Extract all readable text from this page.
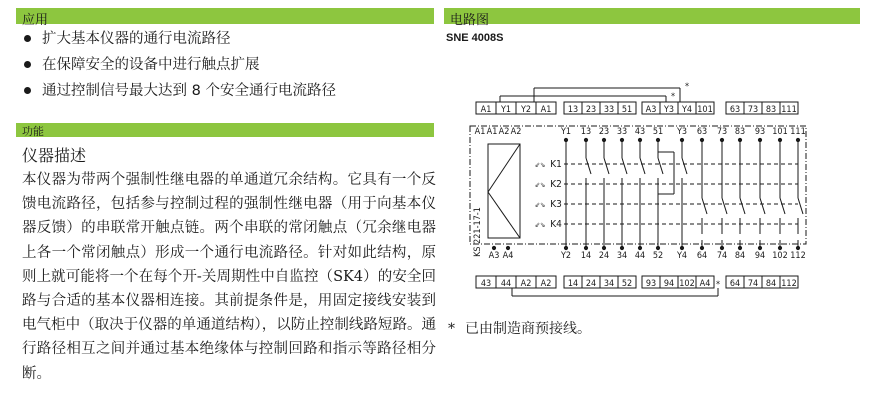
应用	电路图
扩大基本仪器的通行电流路径
在保障安全的设备中进行触点扩展
通过控制信号最大达到 8 个安全通行电流路径
功能
仪器描述
本仪器为带两个强制性继电器的单通道冗余结构。它具有一个反馈电流路径，包括参与控制过程的强制性继电器（用于向基本仪器反馈）的串联常开触点链。两个串联的常闭触点（冗余继电器上各一个常闭触点）形成一个通行电流路径。针对如此结构，原则上就可能将一个在每个开-关周期性中自监控（SK4）的安全回路与合适的基本仪器相连接。其前提条件是，用固定接线安装到电气柜中（取决于仪器的单通道结构），以防止控制线路短路。通行路径相互之间并通过基本绝缘体与控制回路和指示等路径相分断。
SNE 4008S
A1 Y1 Y2 A1 13 23 33 51 A3 Y3 Y4 101 63 73 83 111
43 44 A2 A2 14 24 34 52 93 94 102 A4 64 74 84 112
*
*
*
A1 A1 A2 A2	Y1 13 23 33 43 51 Y3 63 73 83 93 101 111
A3 A4	Y2 14 24 34 44 52 Y4 64 74 84 94 102 112
KS 221-17-1
⇙⇘ K1
⇙⇘ K2
⇙⇘ K3
⇙⇘ K4
* 已由制造商预接线。
